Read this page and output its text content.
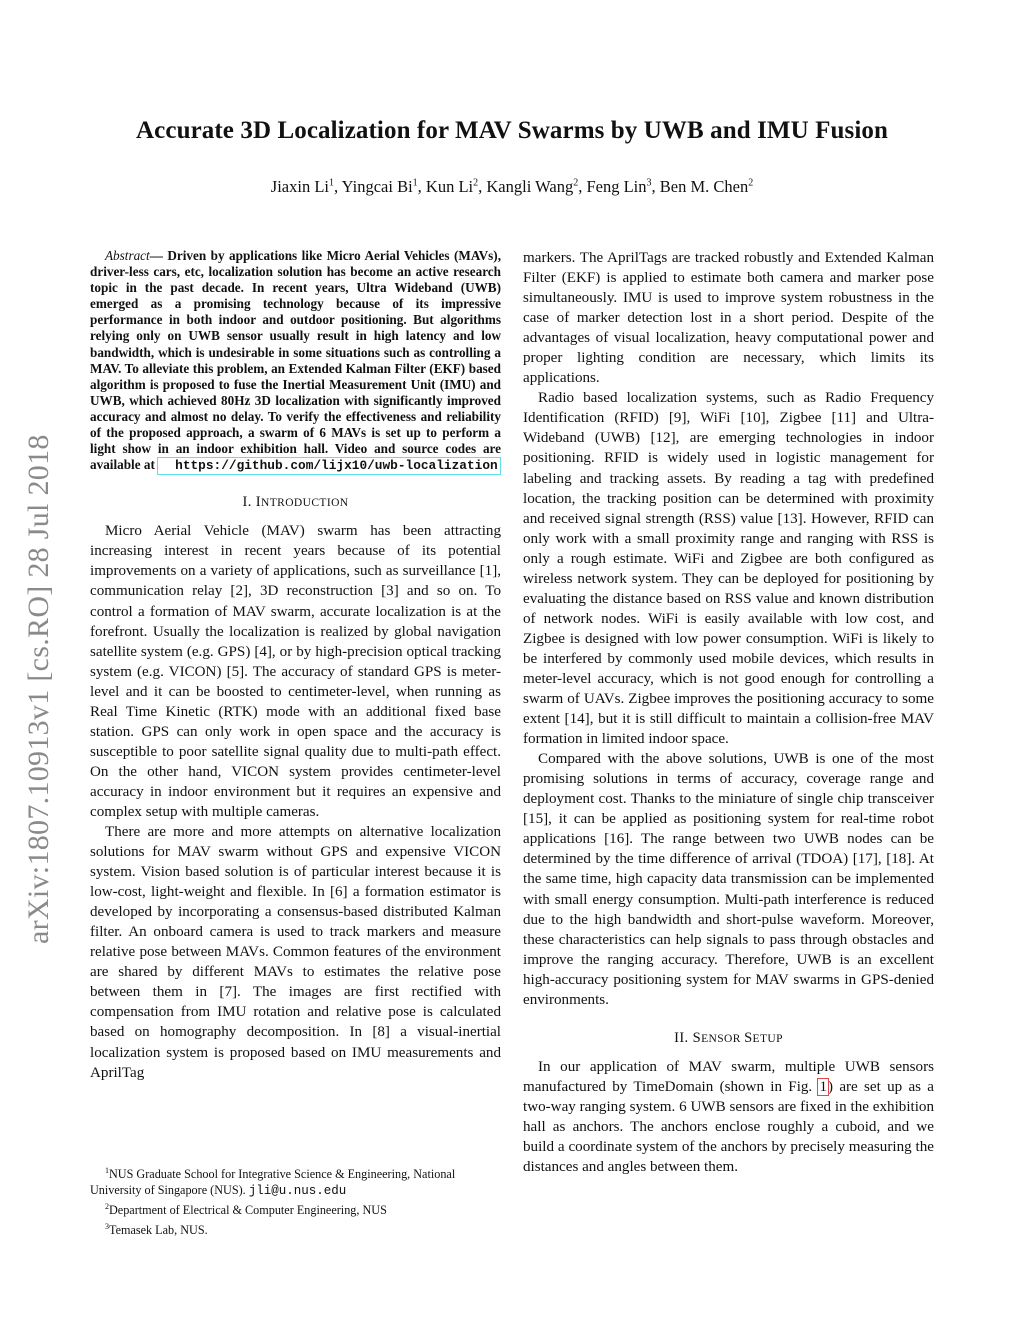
Accurate 3D Localization for MAV Swarms by UWB and IMU Fusion
Jiaxin Li$^1$, Yingcai Bi$^1$, Kun Li$^2$, Kangli Wang$^2$, Feng Lin$^3$, Ben M. Chen$^2$
arXiv:1807.10913v1 [cs.RO] 28 Jul 2018

Abstract— Driven by applications like Micro Aerial Vehicles (MAVs), driver-less cars, etc, localization solution has become an active research topic in the past decade. In recent years, Ultra Wideband (UWB) emerged as a promising technology because of its impressive performance in both indoor and outdoor positioning. But algorithms relying only on UWB sensor usually result in high latency and low bandwidth, which is undesirable in some situations such as controlling a MAV. To alleviate this problem, an Extended Kalman Filter (EKF) based algorithm is proposed to fuse the Inertial Measurement Unit (IMU) and UWB, which achieved 80Hz 3D localization with significantly improved accuracy and almost no delay. To verify the effectiveness and reliability of the proposed approach, a swarm of 6 MAVs is set up to perform a light show in an indoor exhibition hall. Video and source codes are available at https://github.com/lijx10/uwb-localization

I. INTRODUCTION

Micro Aerial Vehicle (MAV) swarm has been attracting increasing interest in recent years because of its potential improvements on a variety of applications, such as surveillance [1], communication relay [2], 3D reconstruction [3] and so on. To control a formation of MAV swarm, accurate localization is at the forefront. Usually the localization is realized by global navigation satellite system (e.g. GPS) [4], or by high-precision optical tracking system (e.g. VICON) [5]. The accuracy of standard GPS is meter-level and it can be boosted to centimeter-level, when running as Real Time Kinetic (RTK) mode with an additional fixed base station. GPS can only work in open space and the accuracy is susceptible to poor satellite signal quality due to multi-path effect. On the other hand, VICON system provides centimeter-level accuracy in indoor environment but it requires an expensive and complex setup with multiple cameras.

There are more and more attempts on alternative localization solutions for MAV swarm without GPS and expensive VICON system. Vision based solution is of particular interest because it is low-cost, light-weight and flexible. In [6] a formation estimator is developed by incorporating a consensus-based distributed Kalman filter. An onboard camera is used to track markers and measure relative pose between MAVs. Common features of the environment are shared by different MAVs to estimates the relative pose between them in [7]. The images are first rectified with compensation from IMU rotation and relative pose is calculated based on homography decomposition. In [8] a visual-inertial localization system is proposed based on IMU measurements and AprilTag

markers. The AprilTags are tracked robustly and Extended Kalman Filter (EKF) is applied to estimate both camera and marker pose simultaneously. IMU is used to improve system robustness in the case of marker detection lost in a short period. Despite of the advantages of visual localization, heavy computational power and proper lighting condition are necessary, which limits its applications.

Radio based localization systems, such as Radio Frequency Identification (RFID) [9], WiFi [10], Zigbee [11] and Ultra-Wideband (UWB) [12], are emerging technologies in indoor positioning. RFID is widely used in logistic management for labeling and tracking assets. By reading a tag with predefined location, the tracking position can be determined with proximity and received signal strength (RSS) value [13]. However, RFID can only work with a small proximity range and ranging with RSS is only a rough estimate. WiFi and Zigbee are both configured as wireless network system. They can be deployed for positioning by evaluating the distance based on RSS value and known distribution of network nodes. WiFi is easily available with low cost, and Zigbee is designed with low power consumption. WiFi is likely to be interfered by commonly used mobile devices, which results in meter-level accuracy, which is not good enough for controlling a swarm of UAVs. Zigbee improves the positioning accuracy to some extent [14], but it is still difficult to maintain a collision-free MAV formation in limited indoor space.

Compared with the above solutions, UWB is one of the most promising solutions in terms of accuracy, coverage range and deployment cost. Thanks to the miniature of single chip transceiver [15], it can be applied as positioning system for real-time robot applications [16]. The range between two UWB nodes can be determined by the time difference of arrival (TDOA) [17], [18]. At the same time, high capacity data transmission can be implemented with small energy consumption. Multi-path interference is reduced due to the high bandwidth and short-pulse waveform. Moreover, these characteristics can help signals to pass through obstacles and improve the ranging accuracy. Therefore, UWB is an excellent high-accuracy positioning system for MAV swarms in GPS-denied environments.

II. SENSOR SETUP

In our application of MAV swarm, multiple UWB sensors manufactured by TimeDomain (shown in Fig. 1) are set up as a two-way ranging system. 6 UWB sensors are fixed in the exhibition hall as anchors. The anchors enclose roughly a cuboid, and we build a coordinate system of the anchors by precisely measuring the distances and angles between them.

$^1$NUS Graduate School for Integrative Science & Engineering, National University of Singapore (NUS). jli@u.nus.edu
$^2$Department of Electrical & Computer Engineering, NUS
$^3$Temasek Lab, NUS.
